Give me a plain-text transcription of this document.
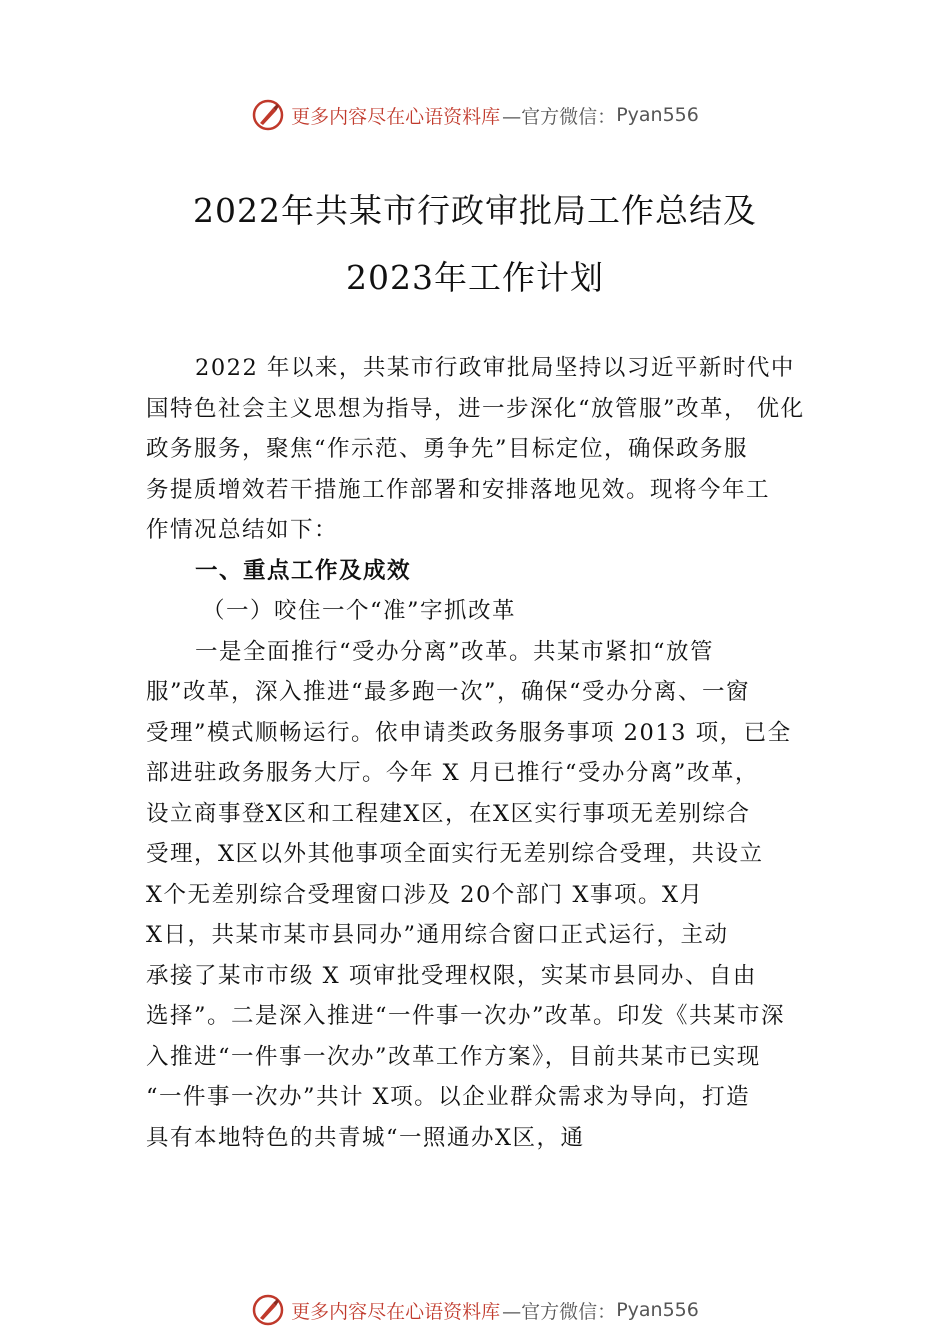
更多内容尽在心语资料库 —官方微信： Pyan556
2022年共某市行政审批局工作总结及
2023年工作计划

2022 年以来，共某市行政审批局坚持以习近平新时代中
国特色社会主义思想为指导，进一步深化“放管服”改革， 优化
政务服务，聚焦“作示范、勇争先”目标定位，确保政务服
务提质增效若干措施工作部署和安排落地见效。现将今年工
作情况总结如下：

一、重点工作及成效

（一）咬住一个“准”字抓改革

一是全面推行“受办分离”改革。共某市紧扣“放管
服”改革，深入推进“最多跑一次”，确保“受办分离、一窗
受理”模式顺畅运行。依申请类政务服务事项 2013 项，已全
部进驻政务服务大厅。今年 X 月已推行“受办分离”改革，
设立商事登X区和工程建X区，在X区实行事项无差别综合
受理，X区以外其他事项全面实行无差别综合受理，共设立
X个无差别综合受理窗口涉及 20个部门 X事项。X月
X日，共某市某市县同办”通用综合窗口正式运行，主动
承接了某市市级 X 项审批受理权限，实某市县同办、自由
选择”。二是深入推进“一件事一次办”改革。印发《共某市深
入推进“一件事一次办”改革工作方案》，目前共某市已实现
“一件事一次办”共计 X项。以企业群众需求为导向，打造
具有本地特色的共青城“一照通办X区，通

更多内容尽在心语资料库 —官方微信： Pyan556
